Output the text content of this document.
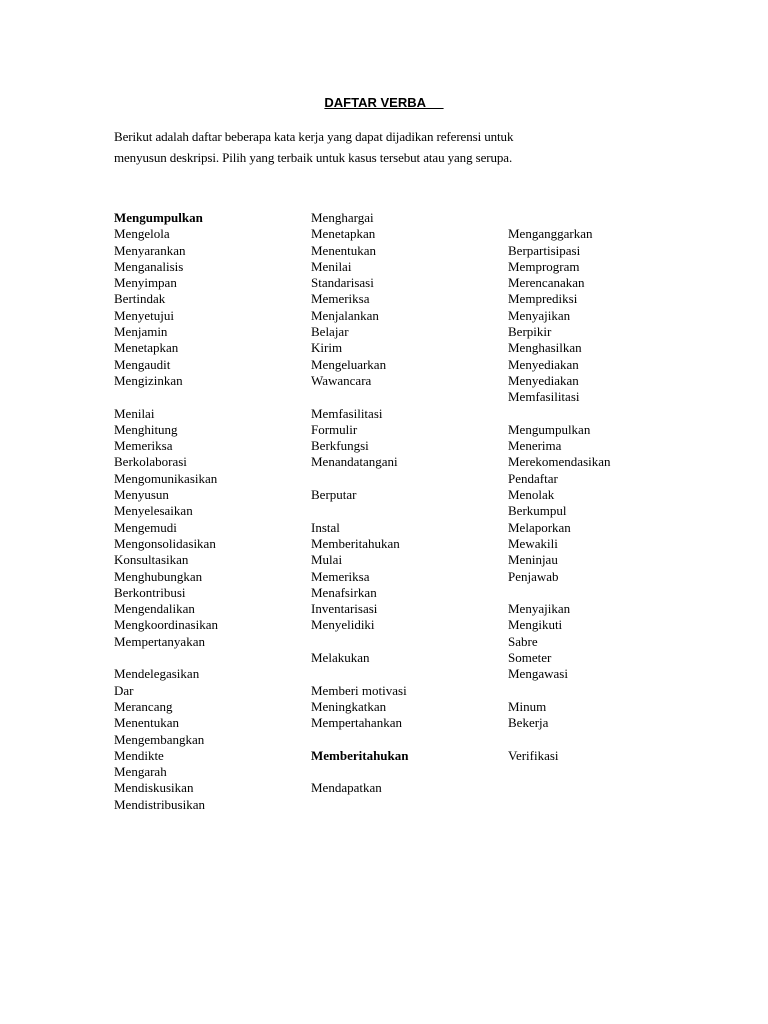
DAFTAR VERBA

Berikut adalah daftar beberapa kata kerja yang dapat dijadikan referensi untuk

menyusun deskripsi. Pilih yang terbaik untuk kasus tersebut atau yang serupa.

Mengumpulkan
Mengelola
Menyarankan
Menganalisis
Menyimpan
Bertindak
Menyetujui
Menjamin
Menetapkan
Mengaudit
Mengizinkan
Menilai
Menghitung
Memeriksa
Berkolaborasi
Mengomunikasikan
Menyusun
Menyelesaikan
Mengemudi
Mengonsolidasikan
Konsultasikan
Menghubungkan
Berkontribusi
Mengendalikan
Mengkoordinasikan
Mempertanyakan
Mendelegasikan
Dar
Merancang
Menentukan
Mengembangkan
Mendikte
Mengarah
Mendiskusikan
Mendistribusikan
Menghargai
Menetapkan
Menentukan
Menilai
Standarisasi
Memeriksa
Menjalankan
Belajar
Kirim
Mengeluarkan
Wawancara
Memfasilitasi
Formulir
Berkfungsi
Menandatangani
Berputar
Instal
Memberitahukan
Mulai
Memeriksa
Menafsirkan
Inventarisasi
Menyelidiki
Melakukan
Memberi motivasi
Meningkatkan
Mempertahankan
Memberitahukan
Mendapatkan
Menganggarkan
Berpartisipasi
Memprogram
Merencanakan
Memprediksi
Menyajikan
Berpikir
Menghasilkan
Menyediakan
Menyediakan
Memfasilitasi
Mengumpulkan
Menerima
Merekomendasikan
Pendaftar
Menolak
Berkumpul
Melaporkan
Mewakili
Meninjau
Penjawab
Menyajikan
Mengikuti
Sabre
Someter
Mengawasi
Minum
Bekerja
Verifikasi
